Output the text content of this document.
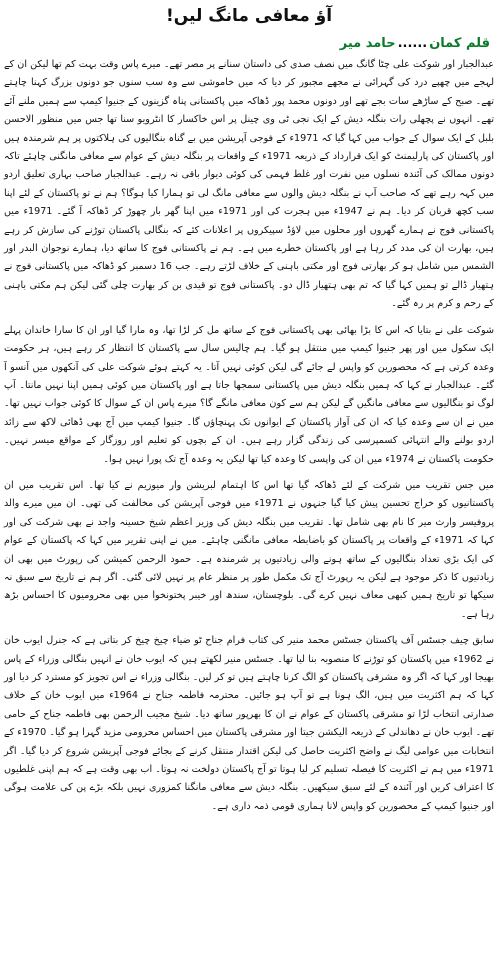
آؤ معافی مانگ لیں!
قلم کمان......حامد میر

عبدالجبار اور شوکت علی چٹا گانگ میں نصف صدی کی داستان سنانے پر مصر تھے۔ میرے پاس وقت بہت کم تھا لیکن ان کے لہجے میں چھپے درد کی گہرائی نے مجھے مجبور کر دیا کہ میں خاموشی سے وہ سب سنوں جو دونوں بزرگ کہنا چاہتے تھے۔ صبح کے ساڑھے سات بجے تھے اور دونوں محمد پور ڈھاکہ میں پاکستانی پناہ گزینوں کے جنیوا کیمپ سے ہمیں ملنے آئے تھے۔ انہوں نے پچھلی رات بنگلہ دیش کے ایک نجی ٹی وی چینل پر اس خاکسار کا انٹرویو سنا تھا جس میں منظور الاحسن بلبل کے ایک سوال کے جواب میں کہا گیا کہ 1971ء کے فوجی آپریشن میں بے گناہ بنگالیوں کی ہلاکتوں پر ہم شرمندہ ہیں اور پاکستان کی پارلیمنٹ کو ایک قرارداد کے ذریعہ 1971ء کے واقعات پر بنگلہ دیش کے عوام سے معافی مانگنی چاہئے تاکہ دونوں ممالک کی آئندہ نسلوں میں نفرت اور غلط فہمی کی کوئی دیوار باقی نہ رہے۔ عبدالجبار صاحب بہاری تعلیق اردو میں کہہ رہے تھے کہ صاحب آپ نے بنگلہ دیش والوں سے معافی مانگ لی تو ہمارا کیا ہوگا؟ ہم نے تو پاکستان کے لئے اپنا سب کچھ قربان کر دیا۔ ہم نے 1947ء میں ہجرت کی اور 1971ء میں اپنا گھر بار چھوڑ کر ڈھاکہ آ گئے۔ 1971ء میں پاکستانی فوج نے ہمارے گھروں اور محلوں میں لاؤڈ سپیکروں پر اعلانات کئے کہ بنگالی پاکستان توڑنے کی سازش کر رہے ہیں، بھارت ان کی مدد کر رہا ہے اور پاکستان خطرے میں ہے۔ ہم نے پاکستانی فوج کا ساتھ دیا، ہمارے نوجوان البدر اور الشمس میں شامل ہو کر بھارتی فوج اور مکتی باہنی کے خلاف لڑتے رہے۔ جب 16 دسمبر کو ڈھاکہ میں پاکستانی فوج نے ہتھیار ڈالے تو ہمیں کہا گیا کہ تم بھی ہتھیار ڈال دو۔ پاکستانی فوج تو قیدی بن کر بھارت چلی گئی لیکن ہم مکتی باہنی کے رحم و کرم پر رہ گئے۔

شوکت علی نے بتایا کہ اس کا بڑا بھائی بھی پاکستانی فوج کے ساتھ مل کر لڑا تھا، وہ مارا گیا اور ان کا سارا خاندان پہلے ایک سکول میں اور پھر جنیوا کیمپ میں منتقل ہو گیا۔ ہم چالیس سال سے پاکستان کا انتظار کر رہے ہیں، ہر حکومت وعدہ کرتی ہے کہ محصورین کو واپس لے جائے گی لیکن کوئی نہیں آتا۔ یہ کہتے ہوئے شوکت علی کی آنکھوں میں آنسو آ گئے۔ عبدالجبار نے کہا کہ ہمیں بنگلہ دیش میں پاکستانی سمجھا جاتا ہے اور پاکستان میں کوئی ہمیں اپنا نہیں مانتا۔ آپ لوگ تو بنگالیوں سے معافی مانگیں گے لیکن ہم سے کون معافی مانگے گا؟ میرے پاس ان کے سوال کا کوئی جواب نہیں تھا۔ میں نے ان سے وعدہ کیا کہ ان کی آواز پاکستان کے ایوانوں تک پہنچاؤں گا۔ جنیوا کیمپ میں آج بھی ڈھائی لاکھ سے زائد اردو بولنے والے انتہائی کسمپرسی کی زندگی گزار رہے ہیں۔ ان کے بچوں کو تعلیم اور روزگار کے مواقع میسر نہیں۔ حکومت پاکستان نے 1974ء میں ان کی واپسی کا وعدہ کیا تھا لیکن یہ وعدہ آج تک پورا نہیں ہوا۔

میں جس تقریب میں شرکت کے لئے ڈھاکہ گیا تھا اس کا اہتمام لبریشن وار میوزیم نے کیا تھا۔ اس تقریب میں ان پاکستانیوں کو خراج تحسین پیش کیا گیا جنہوں نے 1971ء میں فوجی آپریشن کی مخالفت کی تھی۔ ان میں میرے والد پروفیسر وارث میر کا نام بھی شامل تھا۔ تقریب میں بنگلہ دیش کی وزیر اعظم شیخ حسینہ واجد نے بھی شرکت کی اور کہا کہ 1971ء کے واقعات پر پاکستان کو باضابطہ معافی مانگنی چاہئے۔ میں نے اپنی تقریر میں کہا کہ پاکستان کے عوام کی ایک بڑی تعداد بنگالیوں کے ساتھ ہونے والی زیادتیوں پر شرمندہ ہے۔ حمود الرحمن کمیشن کی رپورٹ میں بھی ان زیادتیوں کا ذکر موجود ہے لیکن یہ رپورٹ آج تک مکمل طور پر منظر عام پر نہیں لائی گئی۔ اگر ہم نے تاریخ سے سبق نہ سیکھا تو تاریخ ہمیں کبھی معاف نہیں کرے گی۔ بلوچستان، سندھ اور خیبر پختونخوا میں بھی محرومیوں کا احساس بڑھ رہا ہے۔

سابق چیف جسٹس آف پاکستان جسٹس محمد منیر کی کتاب فرام جناح ٹو ضیاء چیخ چیخ کر بتاتی ہے کہ جنرل ایوب خان نے 1962ء میں پاکستان کو توڑنے کا منصوبہ بنا لیا تھا۔ جسٹس منیر لکھتے ہیں کہ ایوب خان نے انہیں بنگالی وزراء کے پاس بھیجا اور کہا کہ اگر وہ مشرقی پاکستان کو الگ کرنا چاہتے ہیں تو کر لیں۔ بنگالی وزراء نے اس تجویز کو مسترد کر دیا اور کہا کہ ہم اکثریت میں ہیں، الگ ہونا ہے تو آپ ہو جائیں۔ محترمہ فاطمہ جناح نے 1964ء میں ایوب خان کے خلاف صدارتی انتخاب لڑا تو مشرقی پاکستان کے عوام نے ان کا بھرپور ساتھ دیا۔ شیخ مجیب الرحمن بھی فاطمہ جناح کے حامی تھے۔ ایوب خان نے دھاندلی کے ذریعہ الیکشن جیتا اور مشرقی پاکستان میں احساس محرومی مزید گہرا ہو گیا۔ 1970ء کے انتخابات میں عوامی لیگ نے واضح اکثریت حاصل کی لیکن اقتدار منتقل کرنے کے بجائے فوجی آپریشن شروع کر دیا گیا۔ اگر 1971ء میں ہم نے اکثریت کا فیصلہ تسلیم کر لیا ہوتا تو آج پاکستان دولخت نہ ہوتا۔ اب بھی وقت ہے کہ ہم اپنی غلطیوں کا اعتراف کریں اور آئندہ کے لئے سبق سیکھیں۔ بنگلہ دیش سے معافی مانگنا کمزوری نہیں بلکہ بڑے پن کی علامت ہوگی اور جنیوا کیمپ کے محصورین کو واپس لانا ہماری قومی ذمہ داری ہے۔
